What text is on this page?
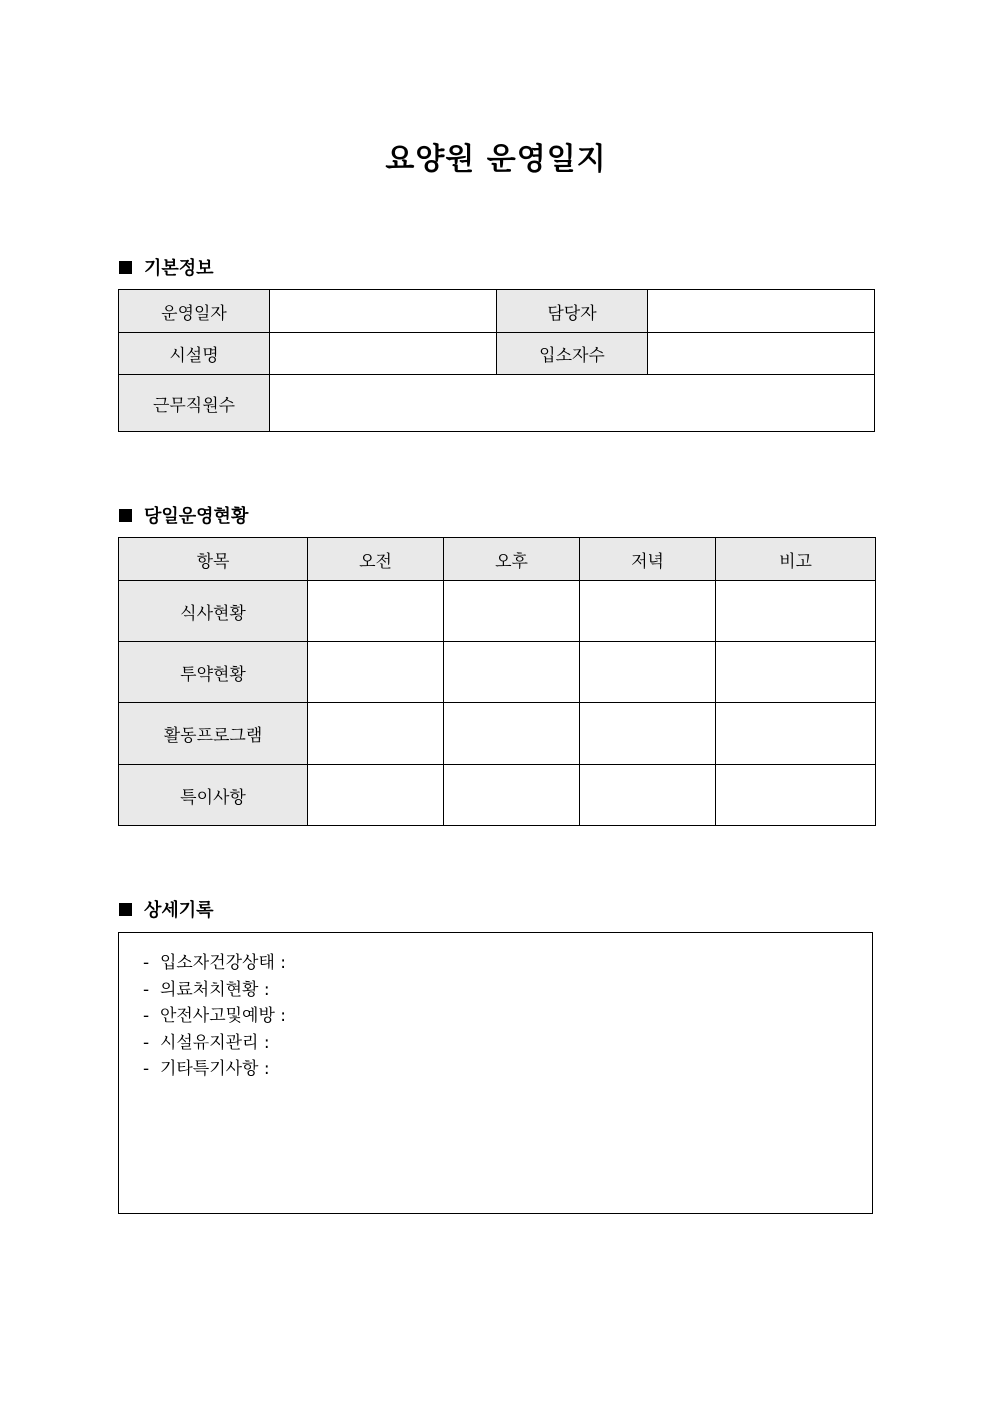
요양원 운영일지
기본정보
운영일자		담당자	
시설명		입소자수	
근무직원수			
당일운영현황
항목	오전	오후	저녁	비고
식사현황				
투약현황				
활동프로그램				
특이사항				
상세기록
-  입소자건강상태 :
-  의료처치현황 :
-  안전사고및예방 :
-  시설유지관리 :
-  기타특기사항 :
